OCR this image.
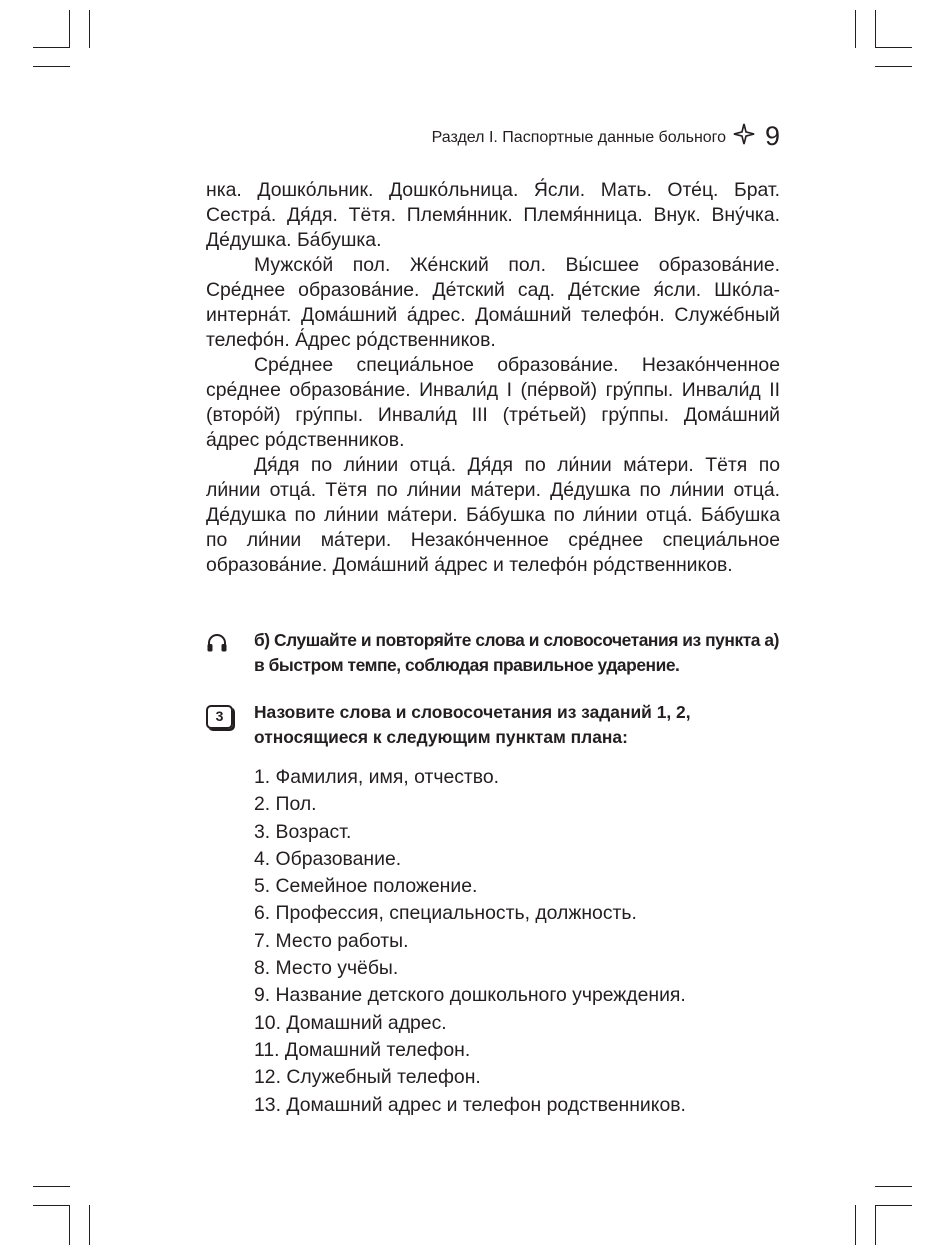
Раздел I. Паспортные данные больного 9

нка. Дошко́льник. Дошко́льница. Я́сли. Мать. Оте́ц. Брат. Сестра́. Дя́дя. Тётя. Племя́нник. Племя́нница. Внук. Вну́чка. Де́душка. Ба́бушка.

Мужско́й пол. Же́нский пол. Вы́сшее образова́ние. Сре́днее образова́ние. Де́тский сад. Де́тские я́сли. Шко́ла-интерна́т. Дома́шний а́дрес. Дома́шний телефо́н. Служе́бный телефо́н. А́дрес ро́дственников.

Сре́днее специа́льное образова́ние. Незако́нченное сре́днее образова́ние. Инвали́д I (пе́рвой) гру́ппы. Инвали́д II (второ́й) гру́ппы. Инвали́д III (тре́тьей) гру́ппы. Дома́шний а́дрес ро́дственников.

Дя́дя по ли́нии отца́. Дя́дя по ли́нии ма́тери. Тётя по ли́нии отца́. Тётя по ли́нии ма́тери. Де́душка по ли́нии отца́. Де́душка по ли́нии ма́тери. Ба́бушка по ли́нии отца́. Ба́бушка по ли́нии ма́тери. Незако́нченное сре́днее специа́льное образова́ние. Дома́шний а́дрес и телефо́н ро́дственников.

б) Слушайте и повторяйте слова и словосочетания из пункта а) в быстром темпе, соблюдая правильное ударение.
3	Назовите слова и словосочетания из заданий 1, 2, относящиеся к следующим пунктам плана:
1. Фамилия, имя, отчество.
2. Пол.
3. Возраст.
4. Образование.
5. Семейное положение.
6. Профессия, специальность, должность.
7. Место работы.
8. Место учёбы.
9. Название детского дошкольного учреждения.
10. Домашний адрес.
11. Домашний телефон.
12. Служебный телефон.
13. Домашний адрес и телефон родственников.
